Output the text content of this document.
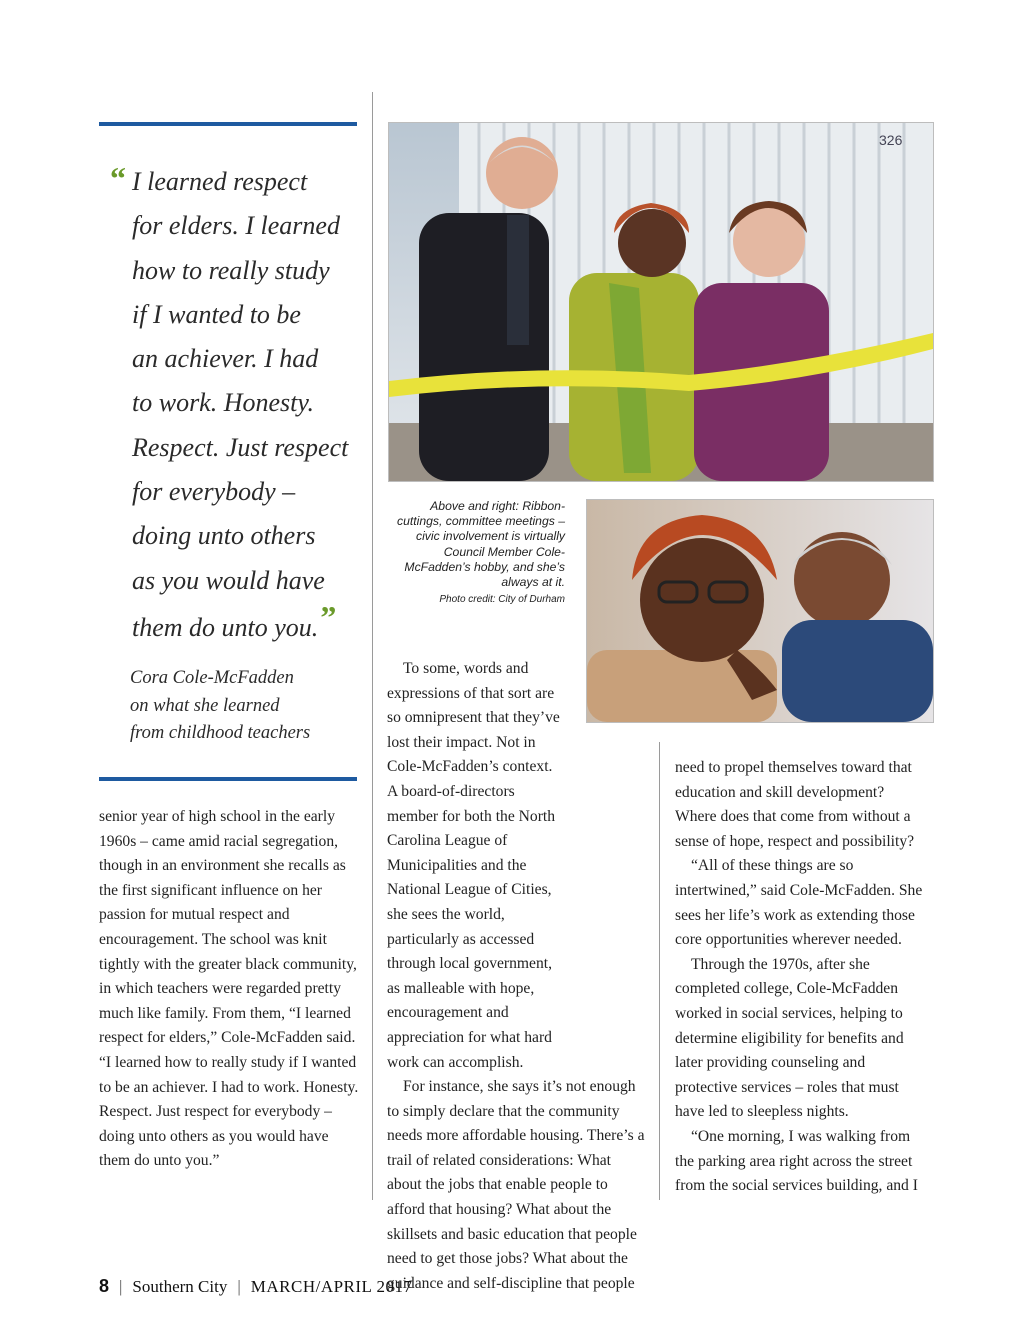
“ I learned respect
for elders. I learned
how to really study
if I wanted to be
an achiever. I had
to work. Honesty.
Respect. Just respect
for everybody –
doing unto others
as you would have
them do unto you.”
Cora Cole-McFadden
on what she learned
from childhood teachers
326
Above and right: Ribbon-cuttings, committee meetings – civic involvement is virtually Council Member Cole-McFadden’s hobby, and she’s always at it.
Photo credit: City of Durham

senior year of high school in the early 1960s – came amid racial segregation, though in an environment she recalls as the first significant influence on her passion for mutual respect and encouragement. The school was knit tightly with the greater black community, in which teachers were regarded pretty much like family. From them, “I learned respect for elders,” Cole-McFadden said. “I learned how to really study if I wanted to be an achiever. I had to work. Honesty. Respect. Just respect for everybody – doing unto others as you would have them do unto you.”

To some, words and expressions of that sort are so omnipresent that they’ve lost their impact. Not in Cole-McFadden’s context. A board-of-directors member for both the North Carolina League of Municipalities and the National League of Cities, she sees the world, particularly as accessed through local government, as malleable with hope, encouragement and appreciation for what hard work can accomplish.

For instance, she says it’s not enough to simply declare that the community needs more affordable housing. There’s a trail of related considerations: What about the jobs that enable people to afford that housing? What about the skillsets and basic education that people need to get those jobs? What about the guidance and self-discipline that people

need to propel themselves toward that education and skill development? Where does that come from without a sense of hope, respect and possibility?

“All of these things are so intertwined,” said Cole-McFadden. She sees her life’s work as extending those core opportunities wherever needed.

Through the 1970s, after she completed college, Cole-McFadden worked in social services, helping to determine eligibility for benefits and later providing counseling and protective services – roles that must have led to sleepless nights.

“One morning, I was walking from the parking area right across the street from the social services building, and I

8 | Southern City | MARCH/APRIL 2017
